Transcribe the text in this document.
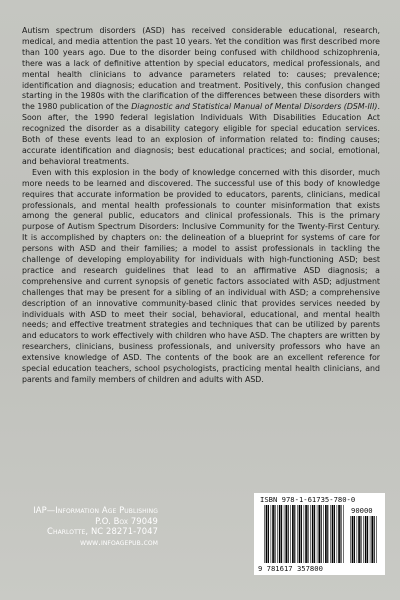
Autism spectrum disorders (ASD) has received considerable educational, research, medical, and media attention the past 10 years. Yet the condition was first described more than 100 years ago. Due to the disorder being confused with childhood schizophrenia, there was a lack of definitive attention by special educators, medical professionals, and mental health clinicians to advance parameters related to: causes; prevalence; identification and diagnosis; education and treatment. Positively, this confusion changed starting in the 1980s with the clarification of the differences between these disorders with the 1980 publication of the Diagnostic and Statistical Manual of Mental Disorders (DSM-III). Soon after, the 1990 federal legislation Individuals With Disabilities Education Act recognized the disorder as a disability category eligible for special education services. Both of these events lead to an explosion of information related to: finding causes; accurate identification and diagnosis; best educational practices; and social, emotional, and behavioral treatments.

Even with this explosion in the body of knowledge concerned with this disorder, much more needs to be learned and discovered. The successful use of this body of knowledge requires that accurate information be provided to educators, parents, clinicians, medical professionals, and mental health professionals to counter misinformation that exists among the general public, educators and clinical professionals. This is the primary purpose of Autism Spectrum Disorders: Inclusive Community for the Twenty-First Century. It is accomplished by chapters on: the delineation of a blueprint for systems of care for persons with ASD and their families; a model to assist professionals in tackling the challenge of developing employability for individuals with high-functioning ASD; best practice and research guidelines that lead to an affirmative ASD diagnosis; a comprehensive and current synopsis of genetic factors associated with ASD; adjustment challenges that may be present for a sibling of an individual with ASD; a comprehensive description of an innovative community-based clinic that provides services needed by individuals with ASD to meet their social, behavioral, educational, and mental health needs; and effective treatment strategies and techniques that can be utilized by parents and educators to work effectively with children who have ASD. The chapters are written by researchers, clinicians, business professionals, and university professors who have an extensive knowledge of ASD. The contents of the book are an excellent reference for special education teachers, school psychologists, practicing mental health clinicians, and parents and family members of children and adults with ASD.

IAP—Information Age Publishing
P.O. Box 79049
Charlotte, NC 28271-7047
www.infoagepub.com
ISBN 978-1-61735-780-0
90000
9 781617 357800
